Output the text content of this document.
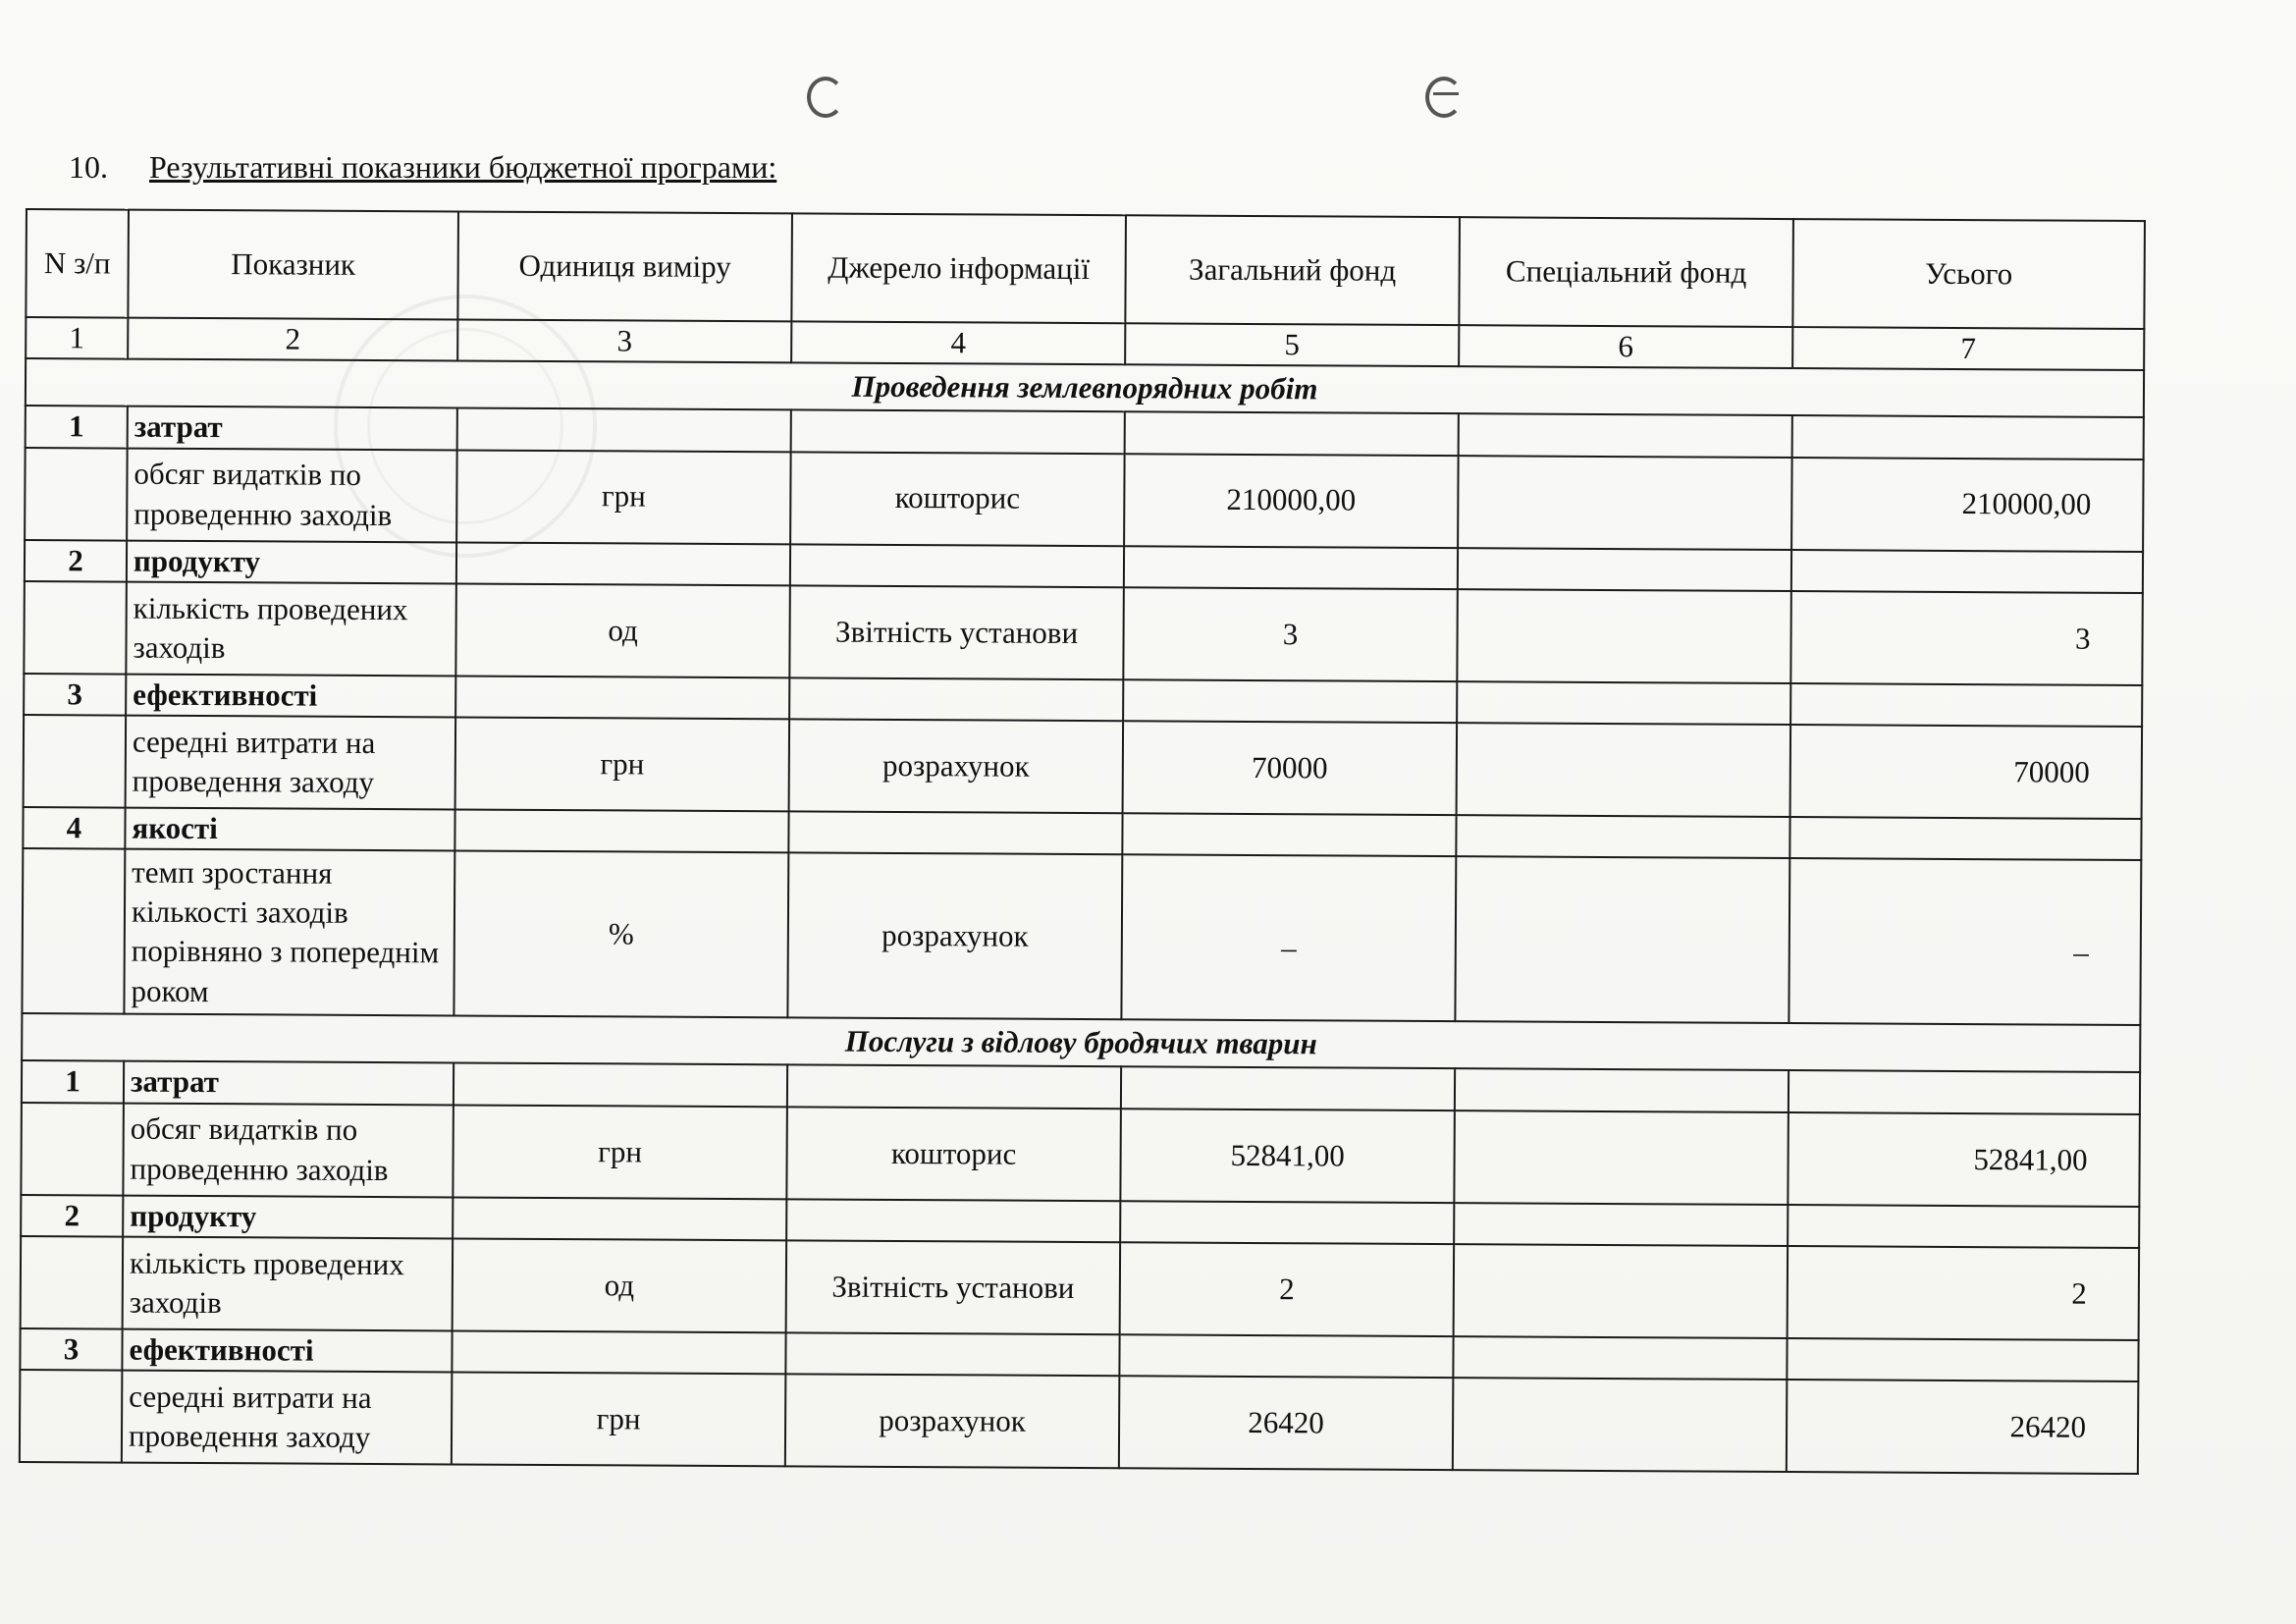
10. Результативні показники бюджетної програми:
N з/п	Показник	Одиниця виміру	Джерело інформації	Загальний фонд	Спеціальний фонд	Усього
1	2	3	4	5	6	7
Проведення землевпорядних робіт						
1	затрат					
	обсяг видатків по проведенню заходів	грн	кошторис	210000,00		210000,00
2	продукту					
	кількість проведених заходів	од	Звітність установи	3		3
3	ефективності					
	середні витрати на проведення заходу	грн	розрахунок	70000		70000
4	якості					
	темп зростання кількості заходів порівняно з попереднім роком	%	розрахунок	_		_
Послуги з відлову бродячих тварин						
1	затрат					
	обсяг видатків по проведенню заходів	грн	кошторис	52841,00		52841,00
2	продукту					
	кількість проведених заходів	од	Звітність установи	2		2
3	ефективності					
	середні витрати на проведення заходу	грн	розрахунок	26420		26420
